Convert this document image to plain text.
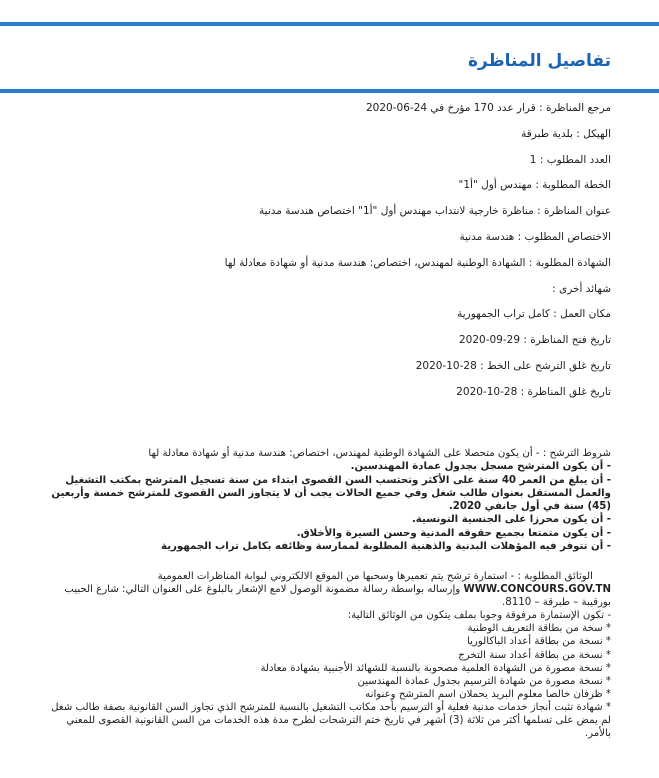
تفاصيل المناظرة
مرجع المناظرة : قرار عدد 170 مؤرخ في 24-06-2020
الهيكل : بلدية طبرقة
العدد المطلوب : 1
الخطة المطلوبة : مهندس أول "أ1"
عنوان المناظرة : مناظرة خارجية لانتداب مهندس أول "أ1" اختصاص هندسة مدنية
الاختصاص المطلوب : هندسة مدنية
الشهادة المطلوبة : الشهادة الوطنية لمهندس، اختصاص: هندسة مدنية أو شهادة معادلة لها
شهائد أخرى :
مكان العمل : كامل تراب الجمهورية
تاريخ فتح المناظرة : 29-09-2020
تاريخ غلق الترشح على الخط : 28-10-2020
تاريخ غلق المناظرة : 28-10-2020

شروط الترشح : - أن يكون متحصلا على الشهادة الوطنية لمهندس، اختصاص: هندسة مدنية أو شهادة معادلة لها

- أن يكون المترشح مسجل بجدول عمادة المهندسين.

- أن يبلغ من العمر 40 سنة على الأكثر وتحتسب السن القصوى ابتداء من سنة تسجيل المترشح بمكتب التشغيل والعمل المستقل بعنوان طالب شغل وفي جميع الحالات يجب أن لا يتجاوز السن القصوى للمترشح خمسة وأربعين (45) سنة في أول جانفي 2020.

- أن يكون محرزا على الجنسية التونسية.

- أن يكون متمتعا بجميع حقوقه المدنية وحسن السيرة والأخلاق.

- أن تتوفر فيه المؤهلات البدنية والذهنية المطلوبة لممارسة وظائفه بكامل تراب الجمهورية

الوثائق المطلوبة : - استمارة ترشح يتم تعميرها وسحبها من الموقع الالكتروني لبوابة المناظرات العمومية

WWW.CONCOURS.GOV.TN وإرساله بواسطة رسالة مضمونة الوصول لامع الإشعار بالبلوغ على العنوان التالي: شارع الحبيب بورقيبة – طبرقة – 8110.

- تكون الإستمارة مرفوقة وجوبا بملف يتكون من الوثائق التالية:

* سخة من بطاقة التعريف الوطنية

* نسخة من بطاقة أعداد الباكالوريا

* نسخة من بطاقة أعداد سنة التخرج

* نسخة مصورة من الشهادة العلمية مصحوبة بالنسبة للشهائد الأجنبية بشهادة معادلة

* نسخة مصورة من شهادة الترسيم بجدول عمادة المهندسين

* ظرفان خالصا معلوم البريد يحملان اسم المترشح وعنوانه

* شهادة تثبت أنجاز خدمات مدنية فعلية أو الترسيم بأحد مكاتب التشغيل بالنسبة للمترشح الذي تجاوز السن القانونية بصفة طالب شغل لم يمض على تسلمها أكثر من ثلاثة (3) أشهر في تاريخ ختم الترشحات لطرح مدة هذه الخدمات من السن القانونية القصوى للمعني بالأمر.
